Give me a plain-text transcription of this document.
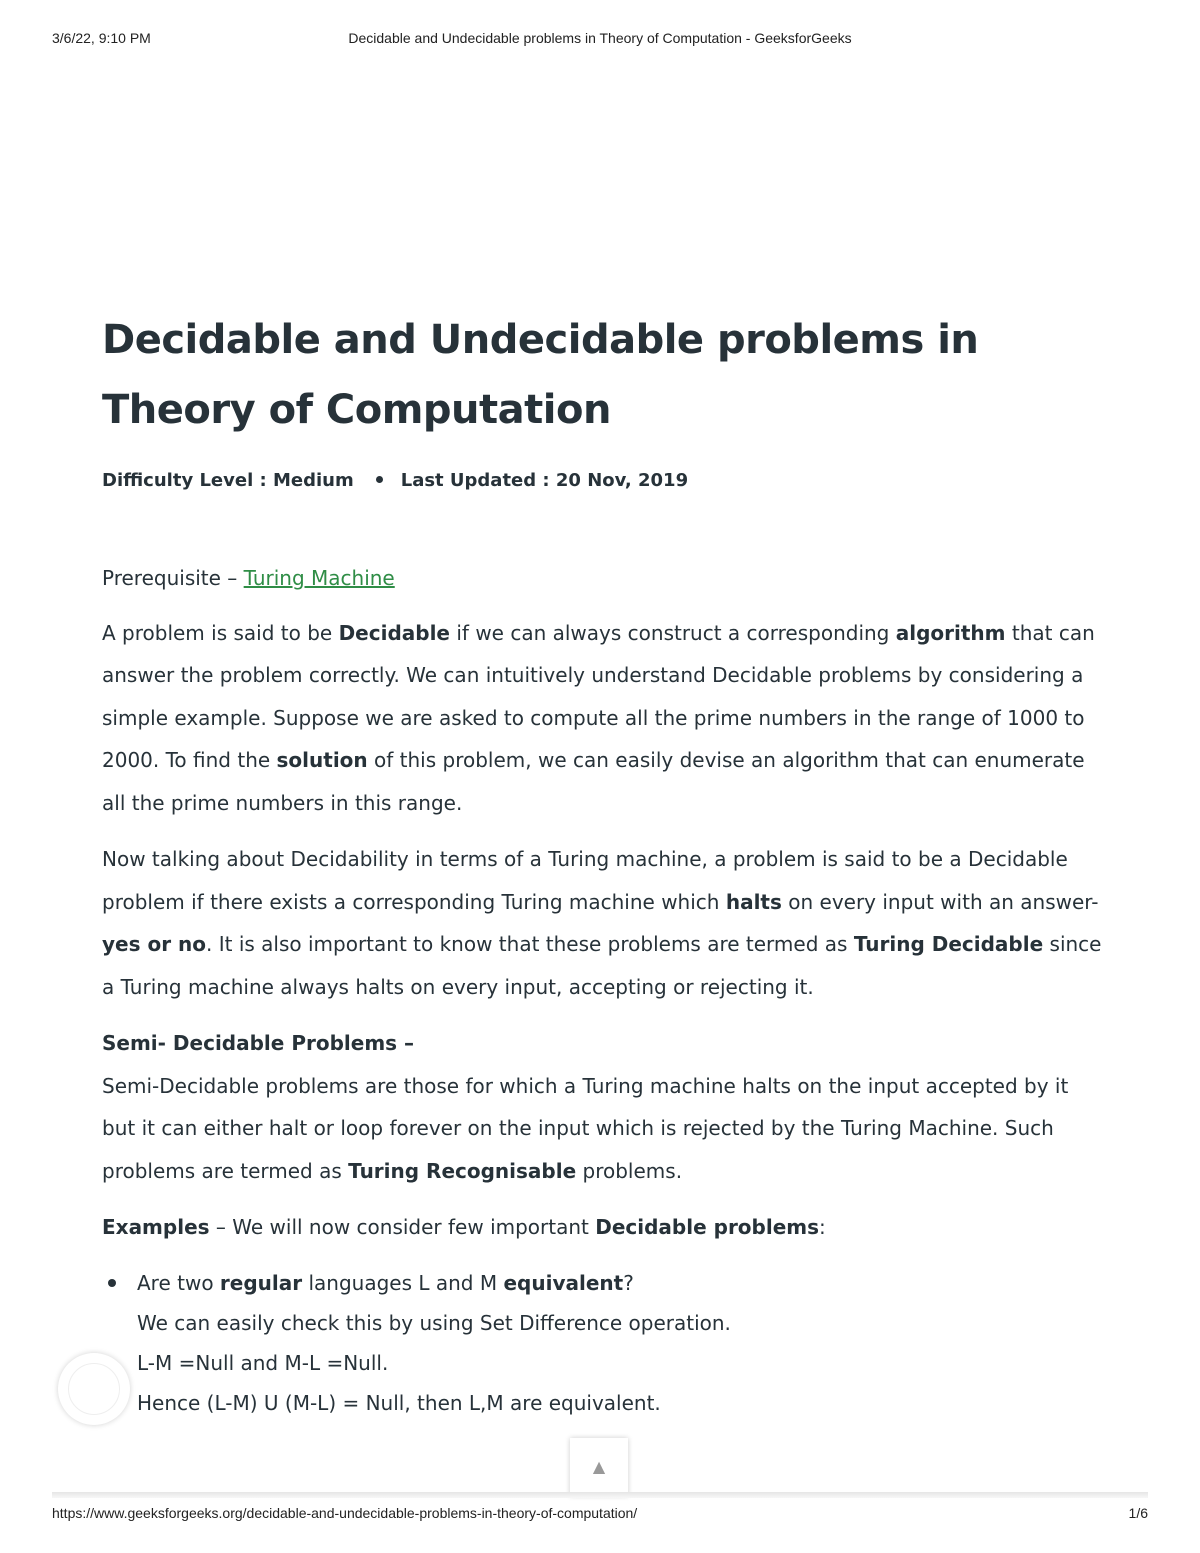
3/6/22, 9:10 PM	Decidable and Undecidable problems in Theory of Computation - GeeksforGeeks
Decidable and Undecidable problems in
Theory of Computation
Difficulty Level : Medium	Last Updated : 20 Nov, 2019

Prerequisite – Turing Machine

A problem is said to be Decidable if we can always construct a corresponding algorithm that can answer the problem correctly. We can intuitively understand Decidable problems by considering a simple example. Suppose we are asked to compute all the prime numbers in the range of 1000 to 2000. To find the solution of this problem, we can easily devise an algorithm that can enumerate all the prime numbers in this range.

Now talking about Decidability in terms of a Turing machine, a problem is said to be a Decidable problem if there exists a corresponding Turing machine which halts on every input with an answer- yes or no. It is also important to know that these problems are termed as Turing Decidable since a Turing machine always halts on every input, accepting or rejecting it.

Semi- Decidable Problems –

Semi-Decidable problems are those for which a Turing machine halts on the input accepted by it but it can either halt or loop forever on the input which is rejected by the Turing Machine. Such problems are termed as Turing Recognisable problems.

Examples – We will now consider few important Decidable problems:

Are two regular languages L and M equivalent?
We can easily check this by using Set Difference operation.
L-M =Null and M-L =Null.
Hence (L-M) U (M-L) = Null, then L,M are equivalent.
▲
https://www.geeksforgeeks.org/decidable-and-undecidable-problems-in-theory-of-computation/	1/6
